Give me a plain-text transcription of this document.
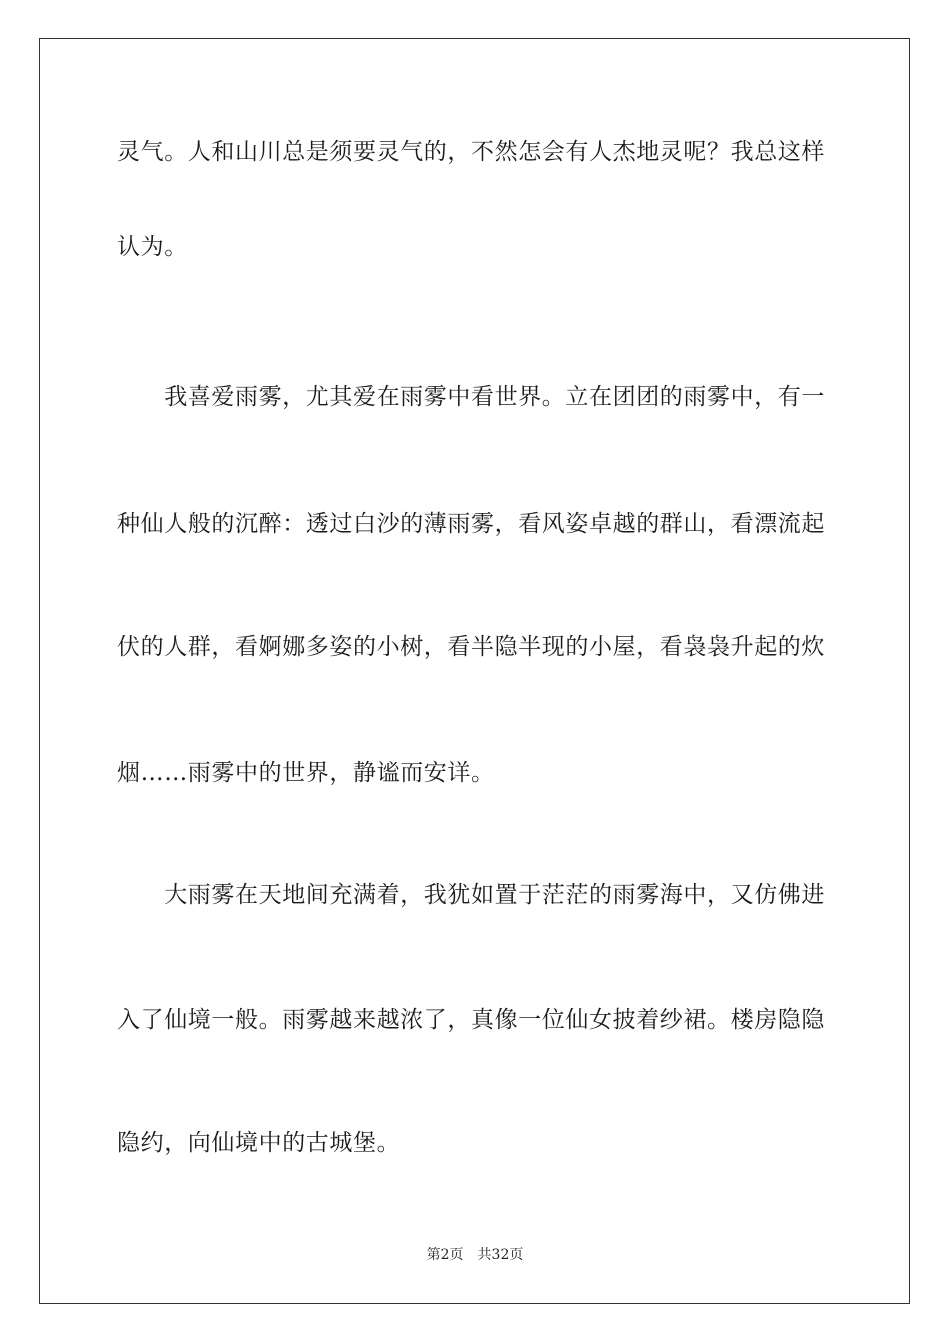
灵气。人和山川总是须要灵气的，不然怎会有人杰地灵呢？我总这样
认为。
　　我喜爱雨雾，尤其爱在雨雾中看世界。立在团团的雨雾中，有一
种仙人般的沉醉：透过白沙的薄雨雾，看风姿卓越的群山，看漂流起
伏的人群，看婀娜多姿的小树，看半隐半现的小屋，看袅袅升起的炊
烟……雨雾中的世界，静谧而安详。
　　大雨雾在天地间充满着，我犹如置于茫茫的雨雾海中，又仿佛进
入了仙境一般。雨雾越来越浓了，真像一位仙女披着纱裙。楼房隐隐
隐约，向仙境中的古城堡。
第2页 共32页
